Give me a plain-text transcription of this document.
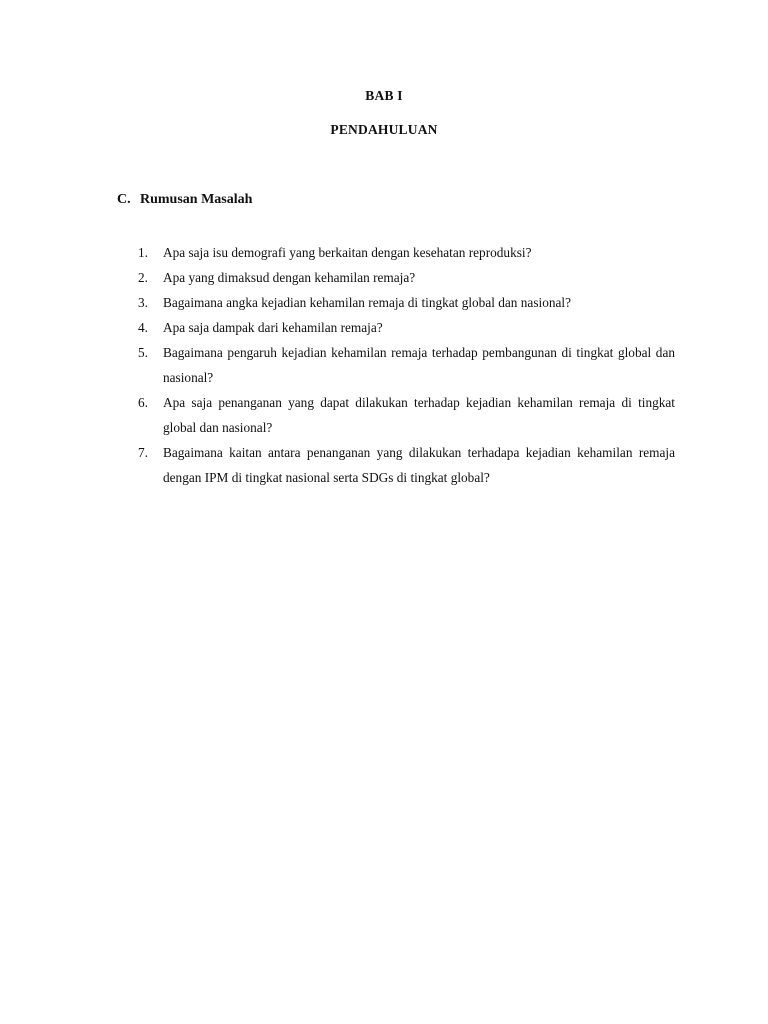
BAB I
PENDAHULUAN
C. Rumusan Masalah
1.	Apa saja isu demografi yang berkaitan dengan kesehatan reproduksi?
2.	Apa yang dimaksud dengan kehamilan remaja?
3.	Bagaimana angka kejadian kehamilan remaja di tingkat global dan nasional?
4.	Apa saja dampak dari kehamilan remaja?
5.	Bagaimana pengaruh kejadian kehamilan remaja terhadap pembangunan di tingkat global dan nasional?
6.	Apa saja penanganan yang dapat dilakukan terhadap kejadian kehamilan remaja di tingkat global dan nasional?
7.	Bagaimana kaitan antara penanganan yang dilakukan terhadapa kejadian kehamilan remaja dengan IPM di tingkat nasional serta SDGs di tingkat global?
